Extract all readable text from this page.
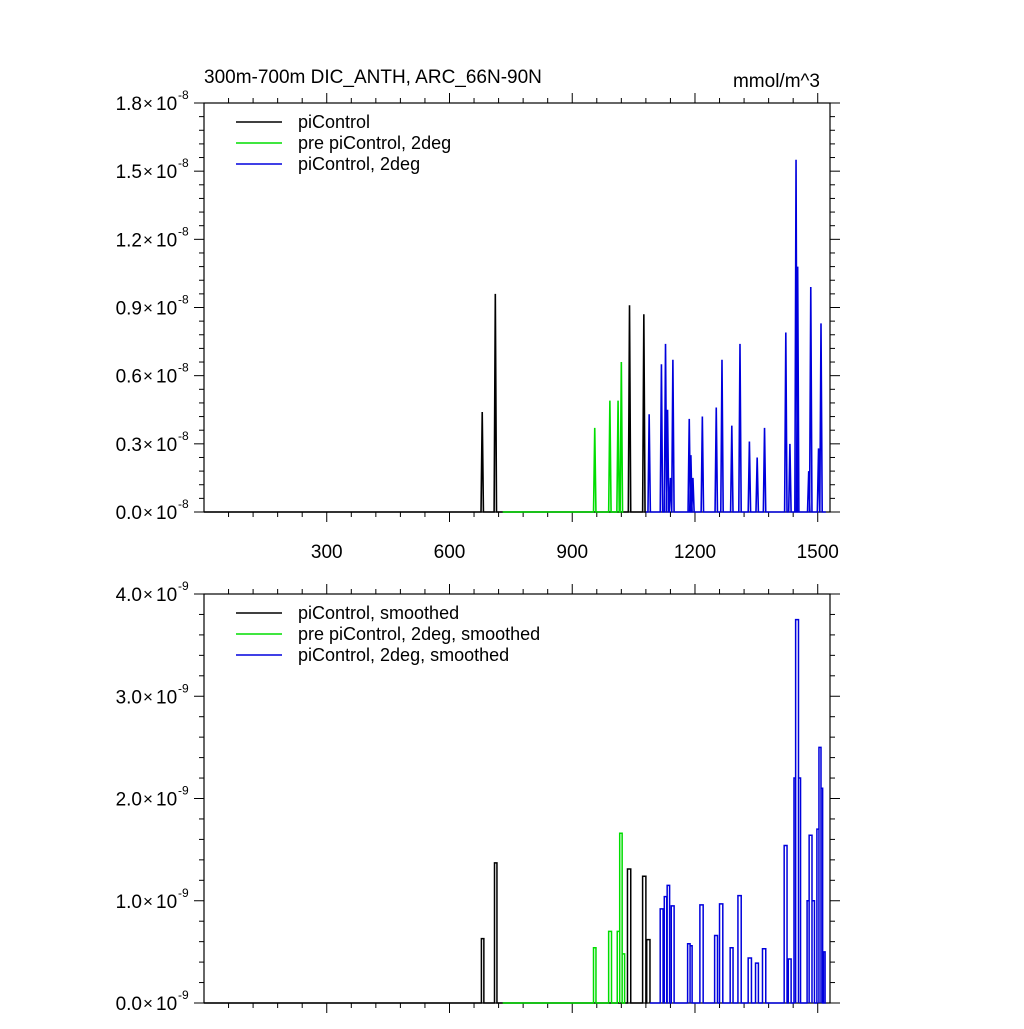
300m-700m DIC_ANTH, ARC_66N-90N	mmol/m^3
300	600	900	1200	1500
0.0 × 10 -8
0.3 × 10 -8
0.6 × 10 -8
0.9 × 10 -8
1.2 × 10 -8
1.5 × 10 -8
1.8 × 10 -8
piControl
pre piControl, 2deg
piControl, 2deg
0.0 × 10 -9
1.0 × 10 -9
2.0 × 10 -9
3.0 × 10 -9
4.0 × 10 -9
piControl, smoothed
pre piControl, 2deg, smoothed
piControl, 2deg, smoothed
